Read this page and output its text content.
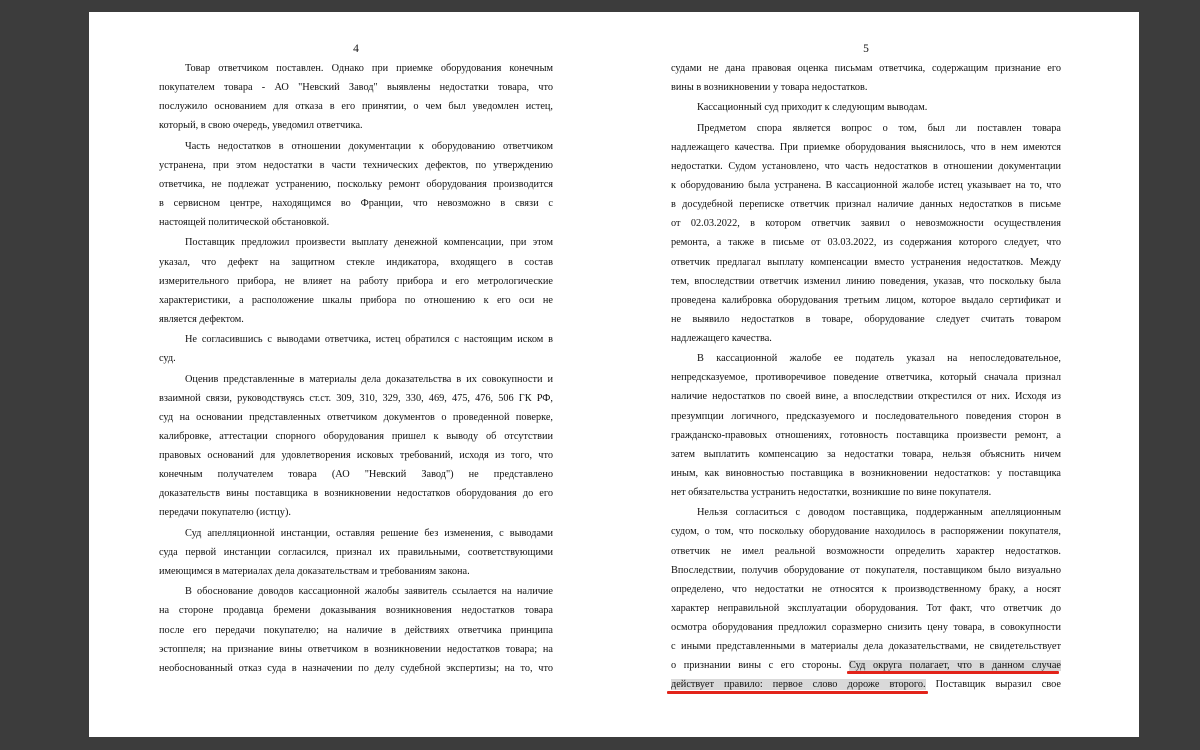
4
Товар ответчиком поставлен. Однако при приемке оборудования конечным
покупателем товара - АО "Невский Завод" выявлены недостатки товара, что
послужило основанием для отказа в его принятии, о чем был уведомлен истец,
который, в свою очередь, уведомил ответчика.
Часть недостатков в отношении документации к оборудованию ответчиком
устранена, при этом недостатки в части технических дефектов, по утверждению
ответчика, не подлежат устранению, поскольку ремонт оборудования производится
в сервисном центре, находящимся во Франции, что невозможно в связи с
настоящей политической обстановкой.
Поставщик предложил произвести выплату денежной компенсации, при этом
указал, что дефект на защитном стекле индикатора, входящего в состав
измерительного прибора, не влияет на работу прибора и его метрологические
характеристики, а расположение шкалы прибора по отношению к его оси не
является дефектом.
Не согласившись с выводами ответчика, истец обратился с настоящим иском в
суд.
Оценив представленные в материалы дела доказательства в их совокупности и
взаимной связи, руководствуясь ст.ст. 309, 310, 329, 330, 469, 475, 476, 506 ГК РФ,
суд на основании представленных ответчиком документов о проведенной поверке,
калибровке, аттестации спорного оборудования пришел к выводу об отсутствии
правовых оснований для удовлетворения исковых требований, исходя из того, что
конечным получателем товара (АО "Невский Завод") не представлено
доказательств вины поставщика в возникновении недостатков оборудования до его
передачи покупателю (истцу).
Суд апелляционной инстанции, оставляя решение без изменения, с выводами
суда первой инстанции согласился, признал их правильными, соответствующими
имеющимся в материалах дела доказательствам и требованиям закона.
В обоснование доводов кассационной жалобы заявитель ссылается на наличие
на стороне продавца бремени доказывания возникновения недостатков товара
после его передачи покупателю; на наличие в действиях ответчика принципа
эстоппеля; на признание вины ответчиком в возникновении недостатков товара; на
необоснованный отказ суда в назначении по делу судебной экспертизы; на то, что
5
судами не дана правовая оценка письмам ответчика, содержащим признание его
вины в возникновении у товара недостатков.
Кассационный суд приходит к следующим выводам.
Предметом спора является вопрос о том, был ли поставлен товара
надлежащего качества. При приемке оборудования выяснилось, что в нем имеются
недостатки. Судом установлено, что часть недостатков в отношении документации
к оборудованию была устранена. В кассационной жалобе истец указывает на то, что
в досудебной переписке ответчик признал наличие данных недостатков в письме
от 02.03.2022, в котором ответчик заявил о невозможности осуществления
ремонта, а также в письме от 03.03.2022, из содержания которого следует, что
ответчик предлагал выплату компенсации вместо устранения недостатков. Между
тем, впоследствии ответчик изменил линию поведения, указав, что поскольку была
проведена калибровка оборудования третьим лицом, которое выдало сертификат и
не выявило недостатков в товаре, оборудование следует считать товаром
надлежащего качества.
В кассационной жалобе ее податель указал на непоследовательное,
непредсказуемое, противоречивое поведение ответчика, который сначала признал
наличие недостатков по своей вине, а впоследствии открестился от них. Исходя из
презумпции логичного, предсказуемого и последовательного поведения сторон в
гражданско-правовых отношениях, готовность поставщика произвести ремонт, а
затем выплатить компенсацию за недостатки товара, нельзя объяснить ничем
иным, как виновностью поставщика в возникновении недостатков: у поставщика
нет обязательства устранить недостатки, возникшие по вине покупателя.
Нельзя согласиться с доводом поставщика, поддержанным апелляционным
судом, о том, что поскольку оборудование находилось в распоряжении покупателя,
ответчик не имел реальной возможности определить характер недостатков.
Впоследствии, получив оборудование от покупателя, поставщиком было визуально
определено, что недостатки не относятся к производственному браку, а носят
характер неправильной эксплуатации оборудования. Тот факт, что ответчик до
осмотра оборудования предложил соразмерно снизить цену товара, в совокупности
с иными представленными в материалы дела доказательствами, не свидетельствует
о признании вины с его стороны. Суд округа полагает, что в данном случае
действует правило: первое слово дороже второго. Поставщик выразил свое
